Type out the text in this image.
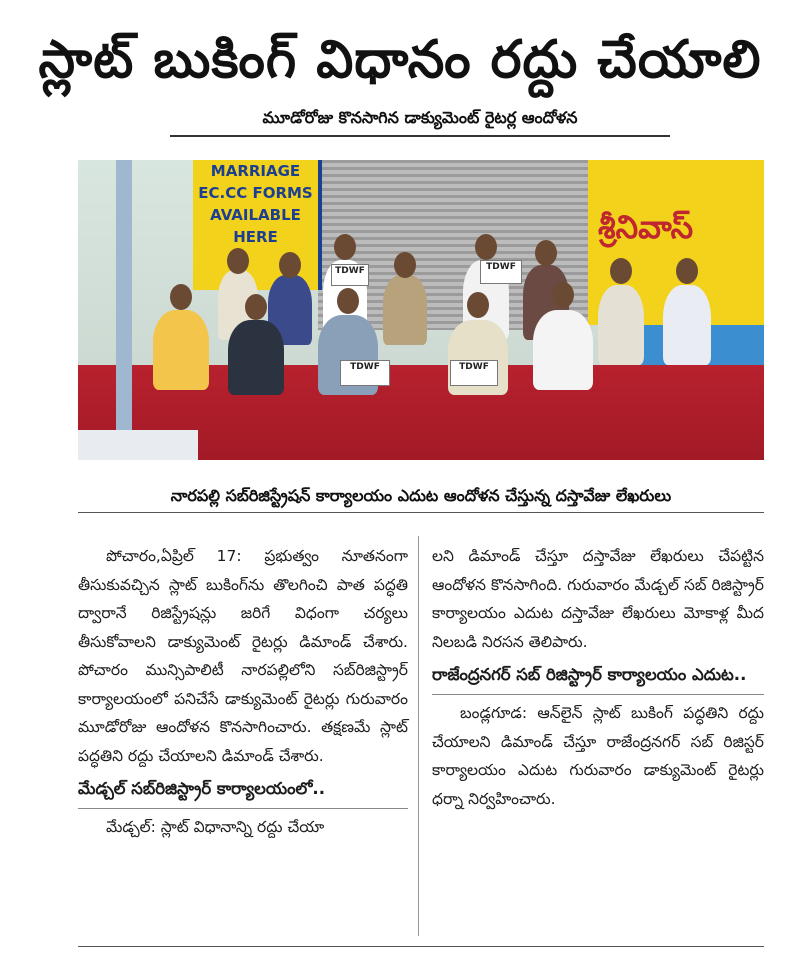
స్లాట్ బుకింగ్ విధానం రద్దు చేయాలి
మూడోరోజు కొనసాగిన డాక్యుమెంట్ రైటర్ల ఆందోళన
MARRIAGE
EC.CC FORMS
AVAILABLE
HERE	శ్రీనివాస్
TDWF	TDWF
TDWF
TDWF
నారపల్లి సబ్‌రిజిస్ట్రేషన్ కార్యాలయం ఎదుట ఆందోళన చేస్తున్న దస్తావేజు లేఖరులు

పోచారం,ఏప్రిల్ 17: ప్రభుత్వం నూతనంగా తీసుకువచ్చిన స్లాట్ బుకింగ్‌ను తొలగించి పాత పద్ధతి ద్వారానే రిజిస్ట్రేషన్లు జరిగే విధంగా చర్యలు తీసుకోవాలని డాక్యుమెంట్ రైటర్లు డిమాండ్ చేశారు. పోచారం మున్సిపాలిటీ నారపల్లిలోని సబ్‌రిజిస్ట్రార్ కార్యాలయంలో పనిచేసే డాక్యుమెంట్ రైటర్లు గురువారం మూడోరోజు ఆందోళన కొనసాగించారు. తక్షణమే స్లాట్ పద్ధతిని రద్దు చేయాలని డిమాండ్ చేశారు.

మేడ్చల్ సబ్‌రిజిస్ట్రార్ కార్యాలయంలో..

మేడ్చల్: స్లాట్ విధానాన్ని రద్దు చేయా

లని డిమాండ్ చేస్తూ దస్తావేజు లేఖరులు చేపట్టిన ఆందోళన కొనసాగింది. గురువారం మేడ్చల్ సబ్ రిజిస్ట్రార్ కార్యాలయం ఎదుట దస్తావేజు లేఖరులు మోకాళ్ల మీద నిలబడి నిరసన తెలిపారు.

రాజేంద్రనగర్ సబ్ రిజిస్ట్రార్ కార్యాలయం ఎదుట..

బండ్లగూడ: ఆన్‌లైన్ స్లాట్ బుకింగ్ పద్ధతిని రద్దు చేయాలని డిమాండ్ చేస్తూ రాజేంద్రనగర్ సబ్ రిజిస్టర్ కార్యాలయం ఎదుట గురువారం డాక్యుమెంట్ రైటర్లు ధర్నా నిర్వహించారు.
